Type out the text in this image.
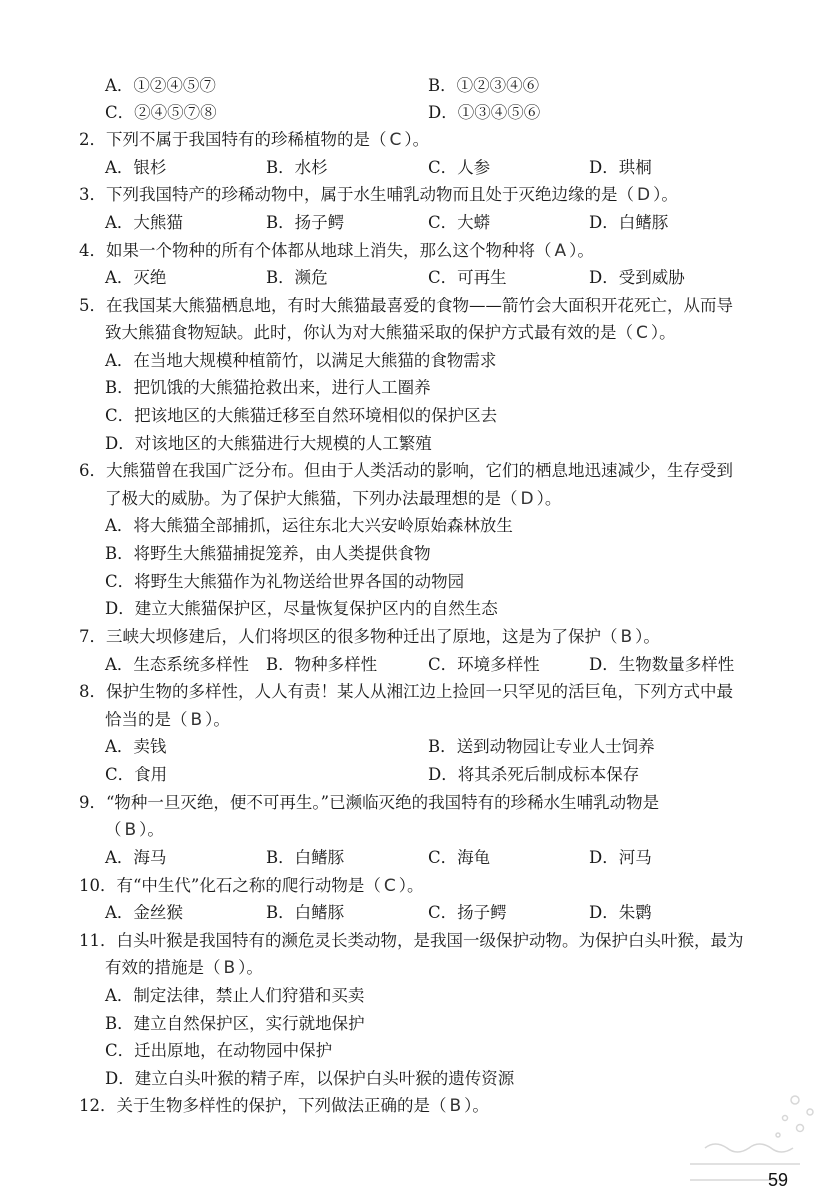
A．①②④⑤⑦	B．①②③④⑥
C．②④⑤⑦⑧	D．①③④⑤⑥
2．下列不属于我国特有的珍稀植物的是（ C ）。
A．银杉	B．水杉	C．人参	D．珙桐
3．下列我国特产的珍稀动物中，属于水生哺乳动物而且处于灭绝边缘的是（ D ）。
A．大熊猫	B．扬子鳄	C．大蟒	D．白鳍豚
4．如果一个物种的所有个体都从地球上消失，那么这个物种将（ A ）。
A．灭绝	B．濒危	C．可再生	D．受到威胁
5．在我国某大熊猫栖息地，有时大熊猫最喜爱的食物——箭竹会大面积开花死亡，从而导
致大熊猫食物短缺。此时，你认为对大熊猫采取的保护方式最有效的是（ C ）。
A．在当地大规模种植箭竹，以满足大熊猫的食物需求
B．把饥饿的大熊猫抢救出来，进行人工圈养
C．把该地区的大熊猫迁移至自然环境相似的保护区去
D．对该地区的大熊猫进行大规模的人工繁殖
6．大熊猫曾在我国广泛分布。但由于人类活动的影响，它们的栖息地迅速减少，生存受到
了极大的威胁。为了保护大熊猫，下列办法最理想的是（ D ）。
A．将大熊猫全部捕抓，运往东北大兴安岭原始森林放生
B．将野生大熊猫捕捉笼养，由人类提供食物
C．将野生大熊猫作为礼物送给世界各国的动物园
D．建立大熊猫保护区，尽量恢复保护区内的自然生态
7．三峡大坝修建后，人们将坝区的很多物种迁出了原地，这是为了保护（ B ）。
A．生态系统多样性 B．物种多样性	C．环境多样性	D．生物数量多样性
8．保护生物的多样性，人人有责！某人从湘江边上捡回一只罕见的活巨龟，下列方式中最
恰当的是（ B ）。
A．卖钱	B．送到动物园让专业人士饲养
C．食用	D．将其杀死后制成标本保存
9．“物种一旦灭绝，便不可再生。”已濒临灭绝的我国特有的珍稀水生哺乳动物是
（ B ）。
A．海马	B．白鳍豚	C．海龟	D．河马
10．有“中生代”化石之称的爬行动物是（ C ）。
A．金丝猴	B．白鳍豚	C．扬子鳄	D．朱鹮
11．白头叶猴是我国特有的濒危灵长类动物，是我国一级保护动物。为保护白头叶猴，最为
有效的措施是（ B ）。
A．制定法律，禁止人们狩猎和买卖
B．建立自然保护区，实行就地保护
C．迁出原地，在动物园中保护
D．建立白头叶猴的精子库，以保护白头叶猴的遗传资源
12．关于生物多样性的保护，下列做法正确的是（ B ）。
59
